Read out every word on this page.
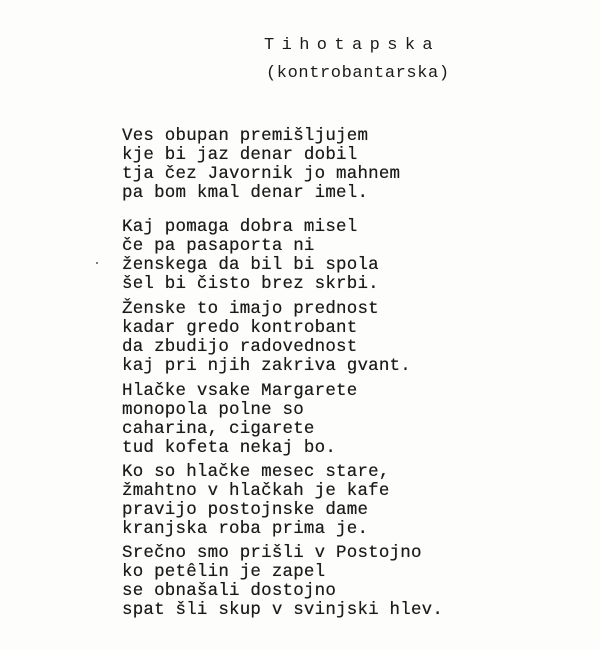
Tihotapska
(kontrobantarska)
Ves obupan premišljujem
kje bi jaz denar dobil
tja čez Javornik jo mahnem
pa bom kmal denar imel.
Kaj pomaga dobra misel
če pa pasaporta ni
ženskega da bil bi spola
šel bi čisto brez skrbi.
Ženske to imajo prednost
kadar gredo kontrobant
da zbudijo radovednost
kaj pri njih zakriva gvant.
Hlačke vsake Margarete
monopola polne so
caharina, cigarete
tud kofeta nekaj bo.
Ko so hlačke mesec stare,
žmahtno v hlačkah je kafe
pravijo postojnske dame
kranjska roba prima je.
Srečno smo prišli v Postojno
ko petêlin je zapel
se obnašali dostojno
spat šli skup v svinjski hlev.
